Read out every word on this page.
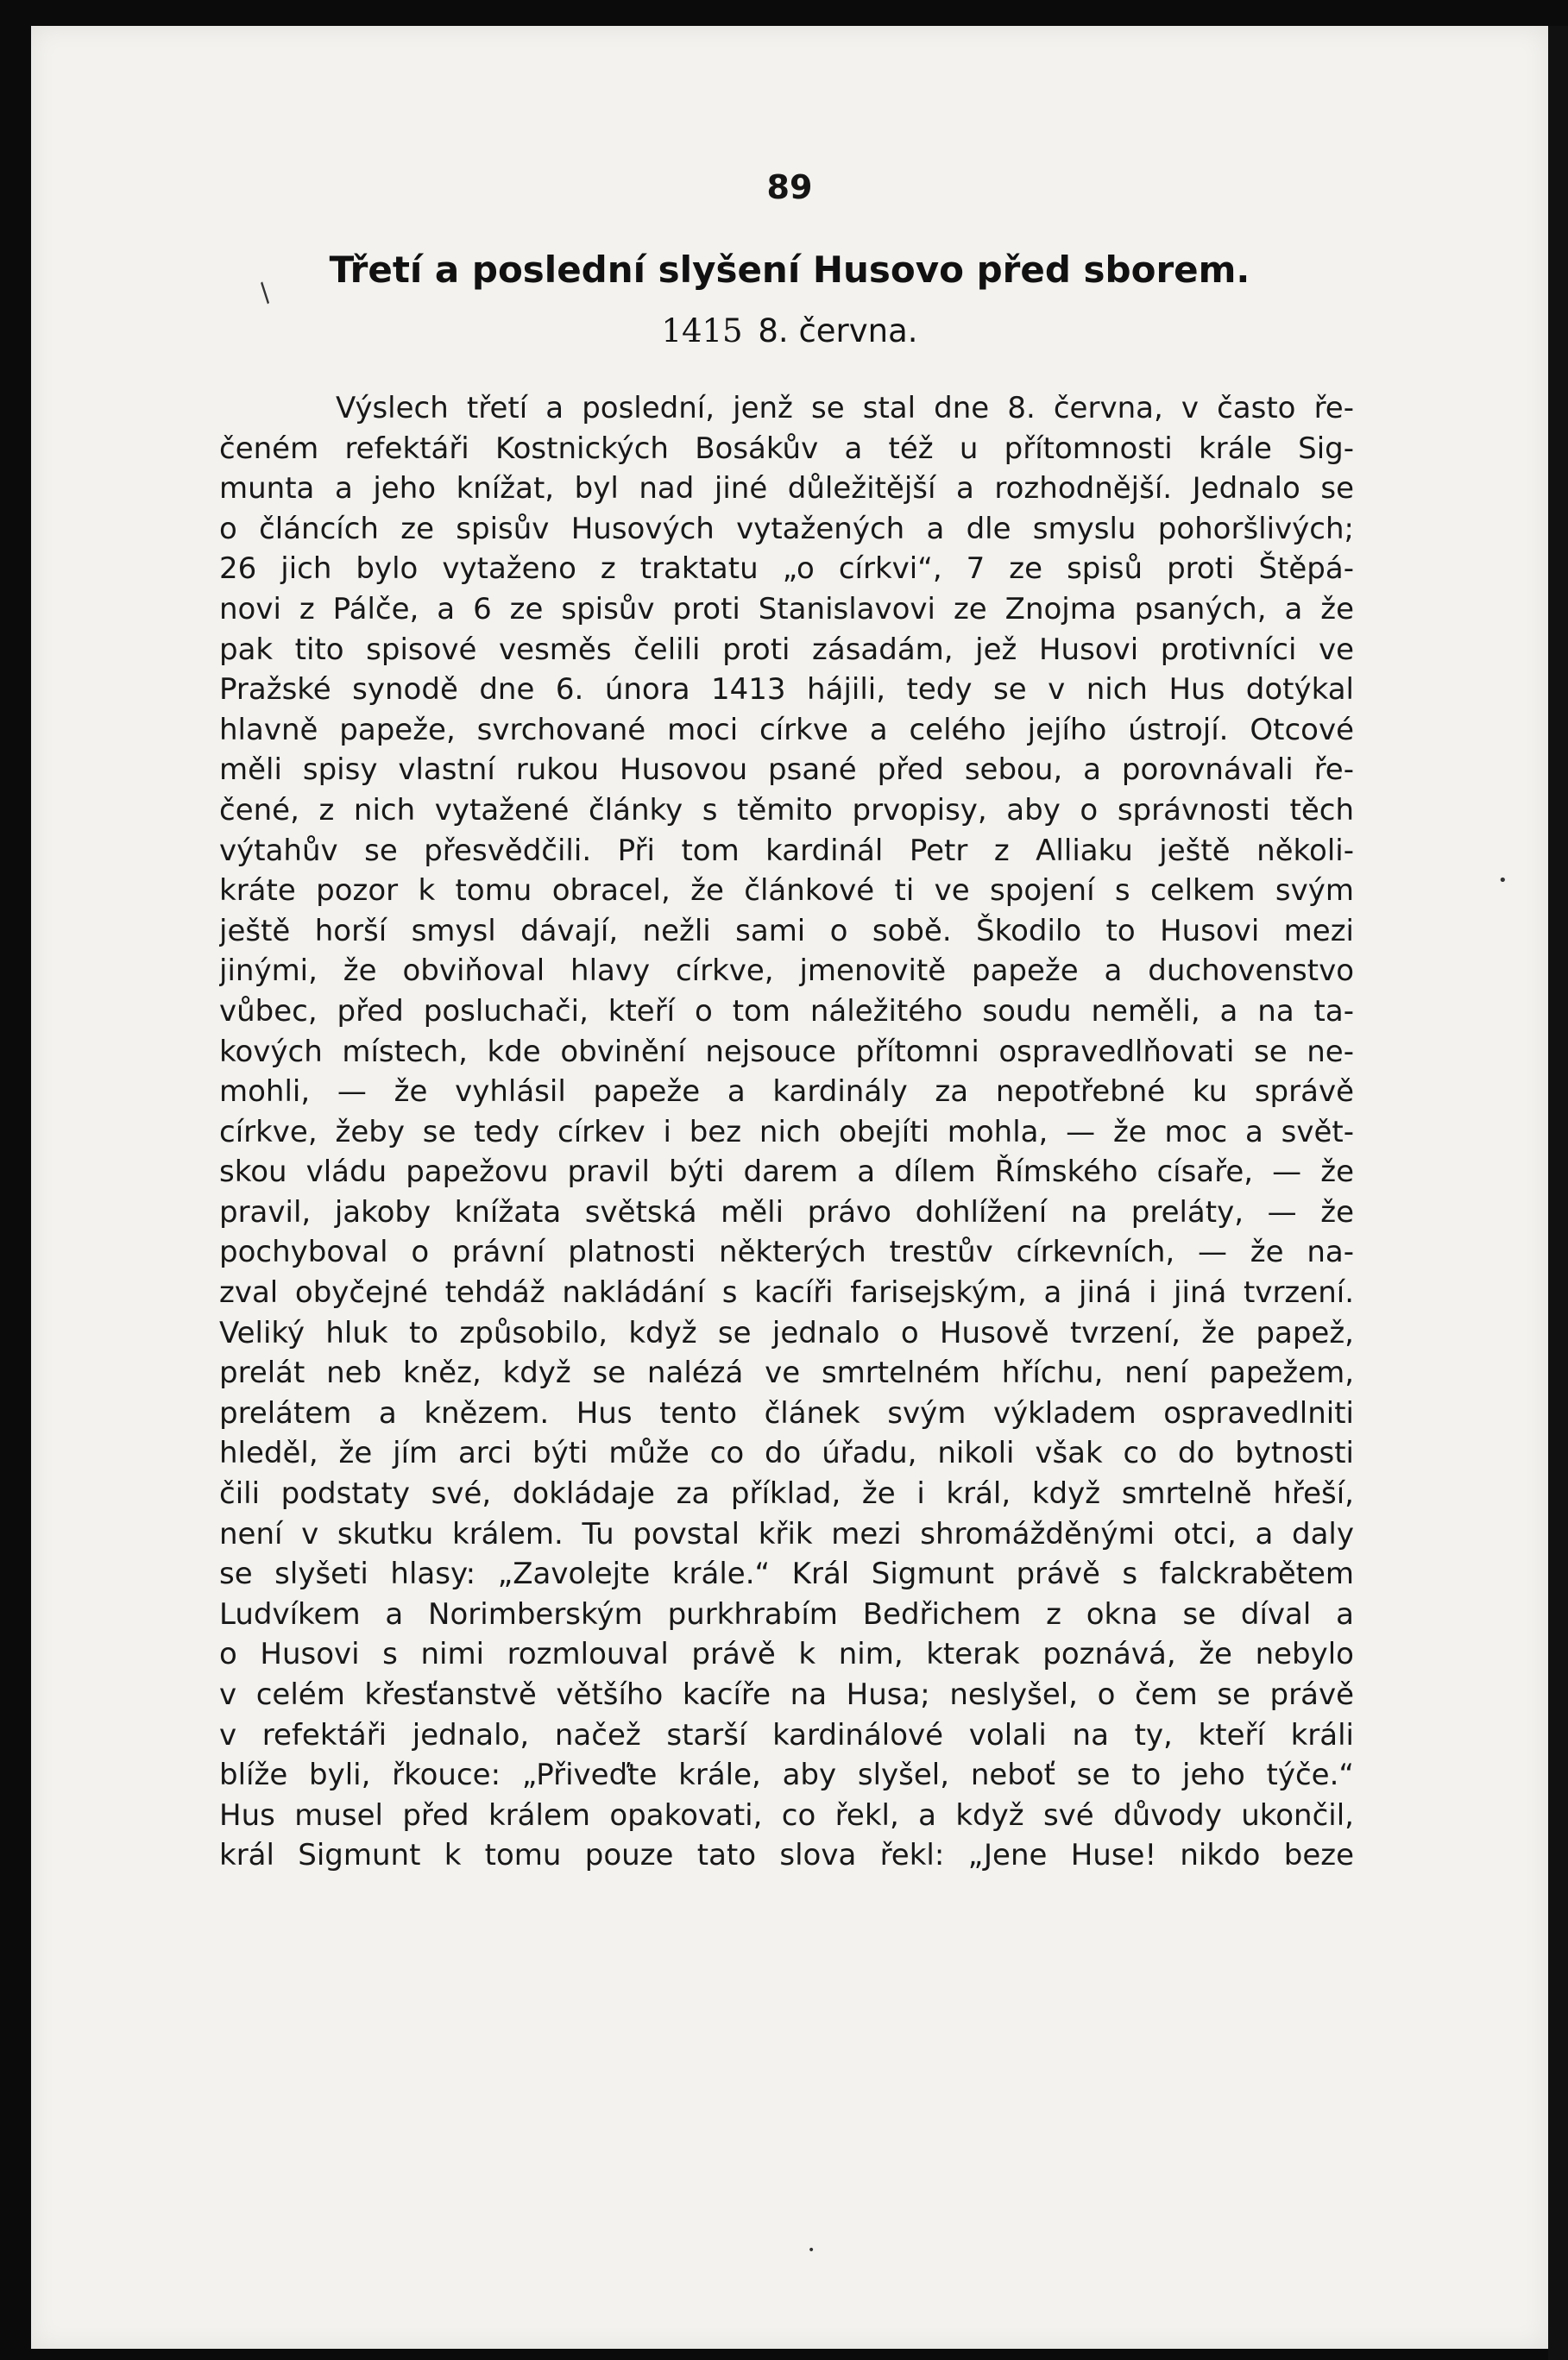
89
Třetí a poslední slyšení Husovo před sborem.
1415 8. června.
Výslech třetí a poslední, jenž se stal dne 8. června, v často ře-
čeném refektáři Kostnických Bosákův a též u přítomnosti krále Sig-
munta a jeho knížat, byl nad jiné důležitější a rozhodnější. Jednalo se
o článcích ze spisův Husových vytažených a dle smyslu pohoršlivých;
26 jich bylo vytaženo z traktatu „o církvi“, 7 ze spisů proti Štěpá-
novi z Pálče, a 6 ze spisův proti Stanislavovi ze Znojma psaných, a že
pak tito spisové vesměs čelili proti zásadám, jež Husovi protivníci ve
Pražské synodě dne 6. února 1413 hájili, tedy se v nich Hus dotýkal
hlavně papeže, svrchované moci církve a celého jejího ústrojí. Otcové
měli spisy vlastní rukou Husovou psané před sebou, a porovnávali ře-
čené, z nich vytažené články s těmito prvopisy, aby o správnosti těch
výtahův se přesvědčili. Při tom kardinál Petr z Alliaku ještě několi-
kráte pozor k tomu obracel, že článkové ti ve spojení s celkem svým
ještě horší smysl dávají, nežli sami o sobě. Škodilo to Husovi mezi
jinými, že obviňoval hlavy církve, jmenovitě papeže a duchovenstvo
vůbec, před posluchači, kteří o tom náležitého soudu neměli, a na ta-
kových místech, kde obvinění nejsouce přítomni ospravedlňovati se ne-
mohli, — že vyhlásil papeže a kardinály za nepotřebné ku správě
církve, žeby se tedy církev i bez nich obejíti mohla, — že moc a svět-
skou vládu papežovu pravil býti darem a dílem Římského císaře, — že
pravil, jakoby knížata světská měli právo dohlížení na preláty, — že
pochyboval o právní platnosti některých trestův církevních, — že na-
zval obyčejné tehdáž nakládání s kacíři farisejským, a jiná i jiná tvrzení.
Veliký hluk to způsobilo, když se jednalo o Husově tvrzení, že papež,
prelát neb kněz, když se nalézá ve smrtelném hříchu, není papežem,
prelátem a knězem. Hus tento článek svým výkladem ospravedlniti
hleděl, že jím arci býti může co do úřadu, nikoli však co do bytnosti
čili podstaty své, dokládaje za příklad, že i král, když smrtelně hřeší,
není v skutku králem. Tu povstal křik mezi shromážděnými otci, a daly
se slyšeti hlasy: „Zavolejte krále.“ Král Sigmunt právě s falckrabětem
Ludvíkem a Norimberským purkhrabím Bedřichem z okna se díval a
o Husovi s nimi rozmlouval právě k nim, kterak poznává, že nebylo
v celém křesťanstvě většího kacíře na Husa; neslyšel, o čem se právě
v refektáři jednalo, načež starší kardinálové volali na ty, kteří králi
blíže byli, řkouce: „Přiveďte krále, aby slyšel, neboť se to jeho týče.“
Hus musel před králem opakovati, co řekl, a když své důvody ukončil,
král Sigmunt k tomu pouze tato slova řekl: „Jene Huse! nikdo beze
/
•
•
